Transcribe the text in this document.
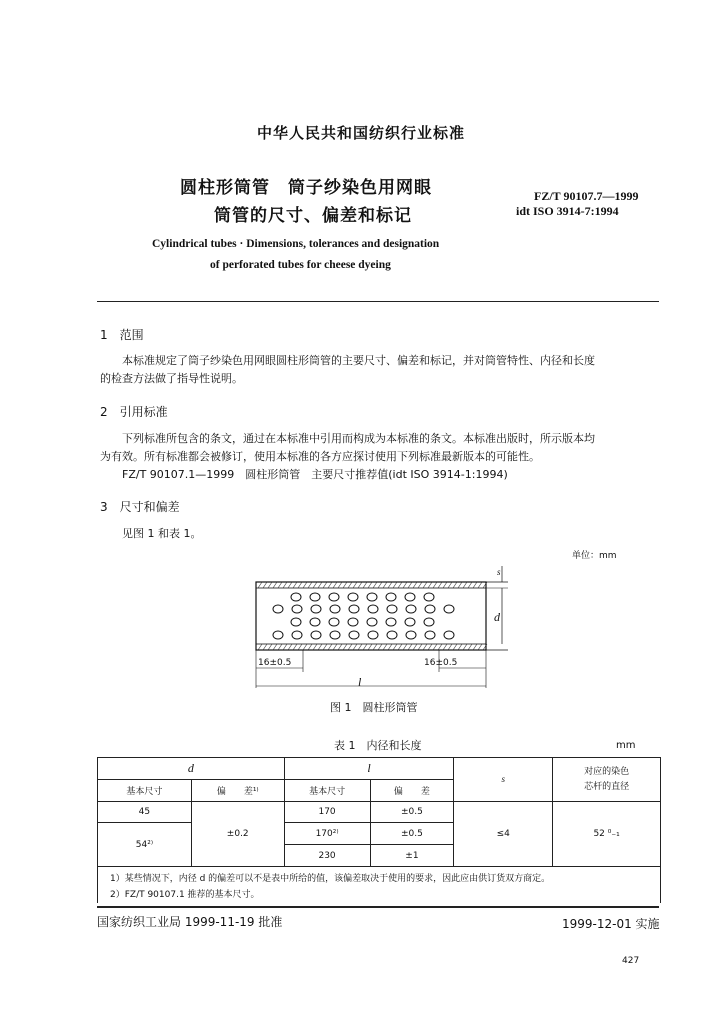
中华人民共和国纺织行业标准
圆柱形筒管　筒子纱染色用网眼
筒管的尺寸、偏差和标记
FZ/T 90107.7—1999
idt ISO 3914-7:1994
Cylindrical tubes · Dimensions, tolerances and designation
of perforated tubes for cheese dyeing
1　范围
本标准规定了筒子纱染色用网眼圆柱形筒管的主要尺寸、偏差和标记，并对筒管特性、内径和长度
的检查方法做了指导性说明。
2　引用标准
下列标准所包含的条文，通过在本标准中引用而构成为本标准的条文。本标准出版时，所示版本均
为有效。所有标准都会被修订，使用本标准的各方应探讨使用下列标准最新版本的可能性。
FZ/T 90107.1—1999　圆柱形筒管　主要尺寸推荐值(idt ISO 3914-1:1994)
3　尺寸和偏差
见图 1 和表 1。
单位：mm
16±0.5	16±0.5
l
d
s
图 1　圆柱形筒管
表 1　内径和长度	mm
d		l		s	对应的染色
芯杆的直径

基本尺寸	偏　　差¹⁾	基本尺寸	偏　　差		
45	±0.2	170	±0.5	≤4	52 ⁰₋₁
54²⁾		170²⁾	±0.5		
		230	±1		
1）某些情况下，内径 d 的偏差可以不是表中所给的值，该偏差取决于使用的要求，因此应由供订货双方商定。					
2）FZ/T 90107.1 推荐的基本尺寸。					
国家纺织工业局 1999-11-19 批准	1999-12-01 实施
427
